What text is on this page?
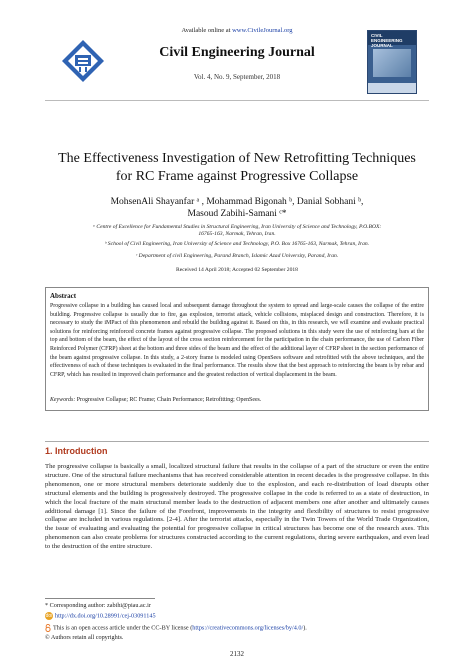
Available online at www.CivileJournal.org
Civil Engineering Journal
Vol. 4, No. 9, September, 2018
CIVIL ENGINEERING JOURNAL
The Effectiveness Investigation of New Retrofitting Techniques
for RC Frame against Progressive Collapse
MohsenAli Shayanfar ᵃ , Mohammad Bigonah ᵇ, Danial Sobhani ᵇ,
Masoud Zabihi-Samani ᶜ*
ᵃ Centre of Excellence for Fundamental Studies in Structural Engineering, Iran University of Science and Technology, P.O.BOX:
16765-163, Narmak, Tehran, Iran.
ᵇ School of Civil Engineering, Iran University of Science and Technology, P.O. Box 16765-163, Narmak, Tehran, Iran.
ᶜ Department of civil Engineering, Parand Branch, Islamic Azad University, Parand, Iran.
Received 14 April 2018; Accepted 02 September 2018
Abstract
Progressive collapse in a building has caused local and subsequent damage throughout the system to spread and large-scale causes the collapse of the entire building. Progressive collapse is usually due to fire, gas explosion, terrorist attack, vehicle collisions, misplaced design and construction. Therefore, it is necessary to study the iMPact of this phenomenon and rebuild the building against it. Based on this, in this research, we will examine and evaluate practical solutions for reinforcing reinforced concrete frames against progressive collapse. The proposed solutions in this study were the use of reinforcing bars at the top and bottom of the beam, the effect of the layout of the cross section reinforcement for the participation in the chain performance, the use of Carbon Fiber Reinforced Polymer (CFRP) sheet at the bottom and three sides of the beam and the effect of the additional layer of CFRP sheet in the section performance of the beam against progressive collapse. In this study, a 2-story frame is modeled using OpenSees software and retrofitted with the above techniques, and the effectiveness of each of these techniques is evaluated in the final performance. The results show that the best approach to reinforcing the beam is by rebar and CFRP, which has resulted in improved chain performance and the greatest reduction of vertical displacement in the beam.
Keywords: Progressive Collapse; RC Frame; Chain Performance; Retrofitting; OpenSees.
1. Introduction
The progressive collapse is basically a small, localized structural failure that results in the collapse of a part of the structure or even the entire structure. One of the structural failure mechanisms that has received considerable attention in recent decades is the progressive collapse. In this phenomenon, one or more structural members deteriorate suddenly due to the explosion, and each re-distribution of load disrupts other structural elements and the building is progressively destroyed. The progressive collapse in the code is referred to as a state of destruction, in which the local fracture of the main structural member leads to the destruction of adjacent members one after another and ultimately causes additional damage [1]. Since the failure of the Forefront, improvements in the integrity and flexibility of structures to resist progressive collapse are included in various regulations. [2-4]. After the terrorist attacks, especially in the Twin Towers of the World Trade Organization, the issue of evaluating and evaluating the potential for progressive collapse in critical structures has become one of the research axes. This phenomenon can also create problems for structures constructed according to the current regulations, during severe earthquakes, and even lead to the destruction of the entire structure.
* Corresponding author: zabihi@piau.ac.ir
doi http://dx.doi.org/10.28991/cej-03091145
This is an open access article under the CC-BY license (https://creativecommons.org/licenses/by/4.0/).
© Authors retain all copyrights.
2132
